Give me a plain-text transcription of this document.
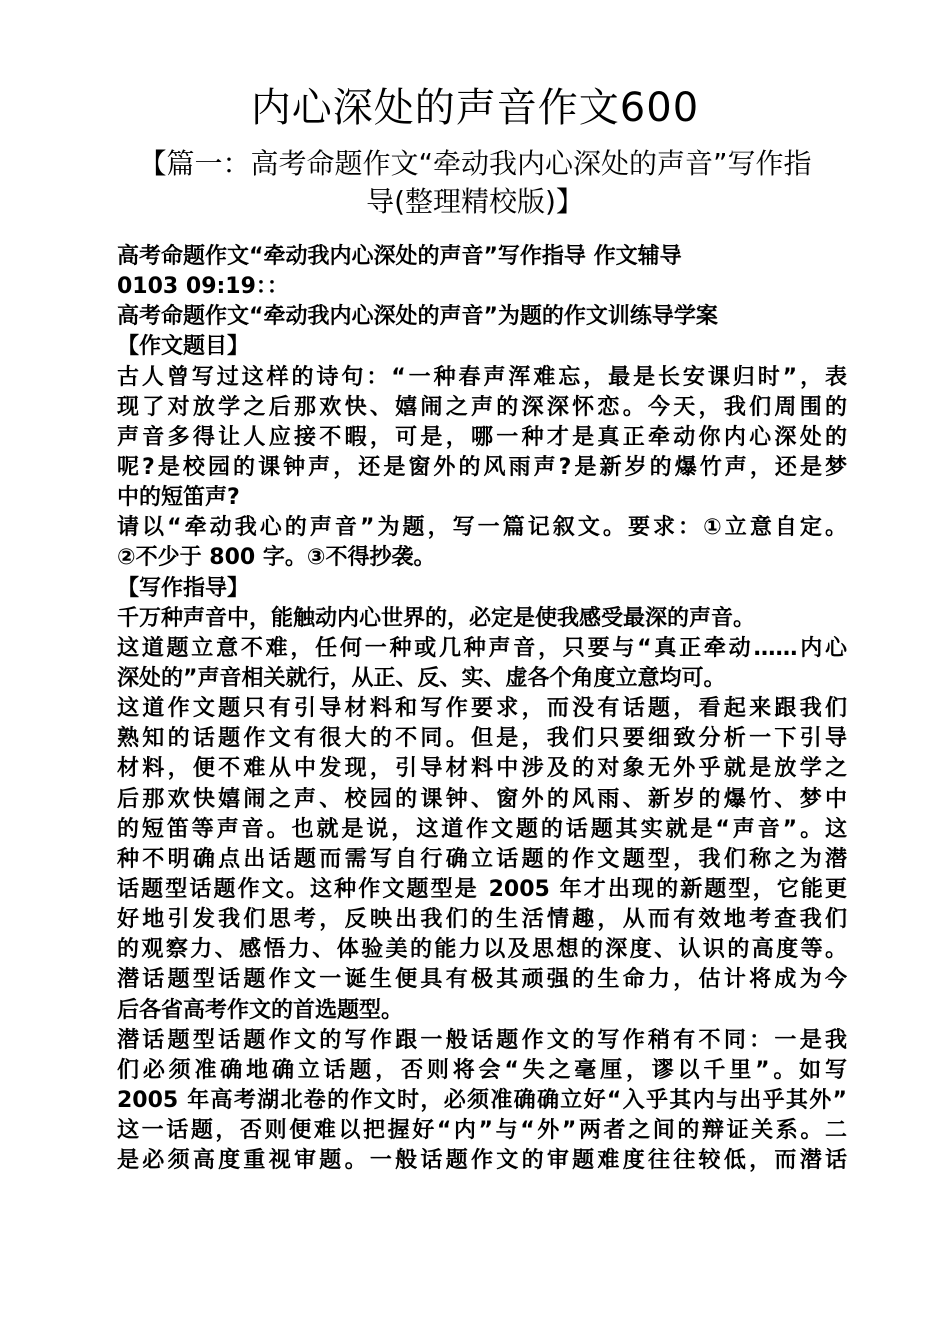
内心深处的声音作文600
【篇一：高考命题作文“牵动我内心深处的声音”写作指
导(整理精校版)】
高考命题作文“牵动我内心深处的声音”写作指导 作文辅导
0103 09:19：：
高考命题作文“牵动我内心深处的声音”为题的作文训练导学案
【作文题目】
古人曾写过这样的诗句：“一种春声浑难忘，最是长安课归时”，表
现了对放学之后那欢快、嬉闹之声的深深怀恋。今天，我们周围的
声音多得让人应接不暇，可是，哪一种才是真正牵动你内心深处的
呢?是校园的课钟声，还是窗外的风雨声?是新岁的爆竹声，还是梦
中的短笛声?
请以“牵动我心的声音”为题，写一篇记叙文。要求：①立意自定。
②不少于 800 字。③不得抄袭。
【写作指导】
千万种声音中，能触动内心世界的，必定是使我感受最深的声音。
这道题立意不难，任何一种或几种声音，只要与“真正牵动……内心
深处的”声音相关就行，从正、反、实、虚各个角度立意均可。
这道作文题只有引导材料和写作要求，而没有话题，看起来跟我们
熟知的话题作文有很大的不同。但是，我们只要细致分析一下引导
材料，便不难从中发现，引导材料中涉及的对象无外乎就是放学之
后那欢快嬉闹之声、校园的课钟、窗外的风雨、新岁的爆竹、梦中
的短笛等声音。也就是说，这道作文题的话题其实就是“声音”。这
种不明确点出话题而需写自行确立话题的作文题型，我们称之为潜
话题型话题作文。这种作文题型是 2005 年才出现的新题型，它能更
好地引发我们思考，反映出我们的生活情趣，从而有效地考查我们
的观察力、感悟力、体验美的能力以及思想的深度、认识的高度等。
潜话题型话题作文一诞生便具有极其顽强的生命力，估计将成为今
后各省高考作文的首选题型。
潜话题型话题作文的写作跟一般话题作文的写作稍有不同：一是我
们必须准确地确立话题，否则将会“失之毫厘，谬以千里”。如写
2005 年高考湖北卷的作文时，必须准确确立好“入乎其内与出乎其外”
这一话题，否则便难以把握好“内”与“外”两者之间的辩证关系。二
是必须高度重视审题。一般话题作文的审题难度往往较低，而潜话
